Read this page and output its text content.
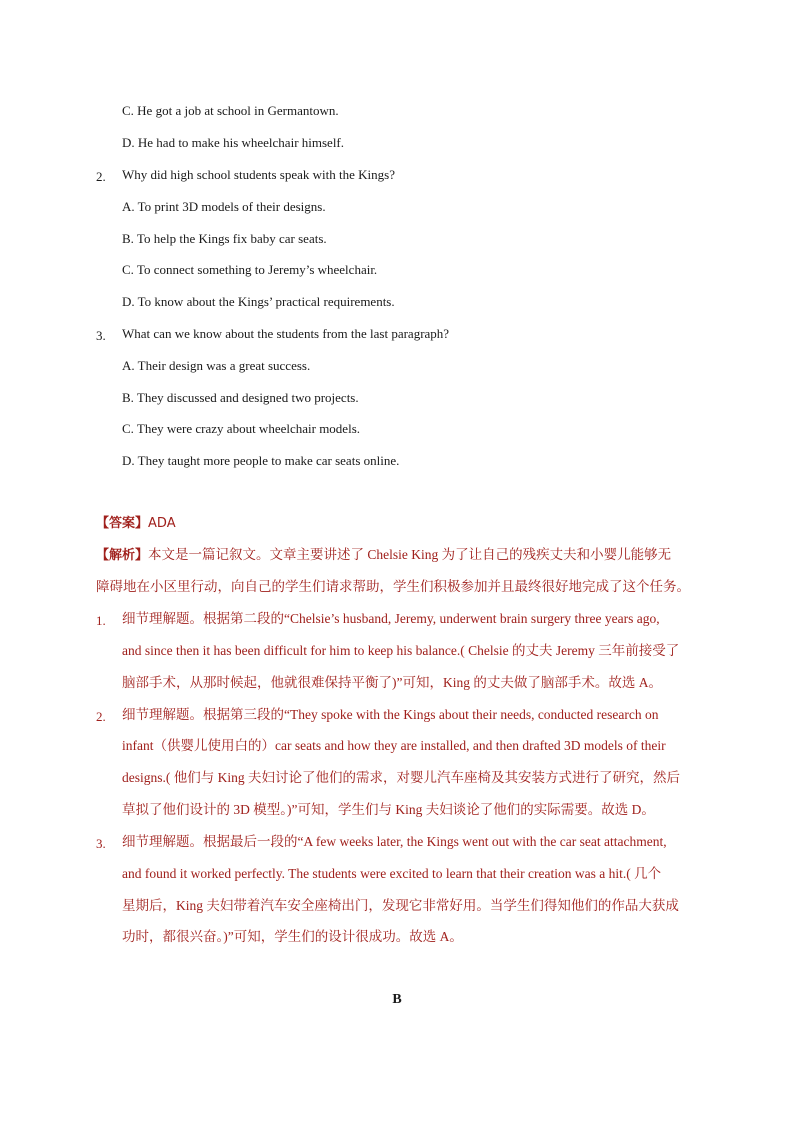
C. He got a job at school in Germantown.
D. He had to make his wheelchair himself.
2. Why did high school students speak with the Kings?
A. To print 3D models of their designs.
B. To help the Kings fix baby car seats.
C. To connect something to Jeremy’s wheelchair.
D. To know about the Kings’ practical requirements.
3. What can we know about the students from the last paragraph?
A. Their design was a great success.
B. They discussed and designed two projects.
C. They were crazy about wheelchair models.
D. They taught more people to make car seats online.
【答案】ADA
【解析】本文是一篇记叙文。文章主要讲述了 Chelsie King 为了让自己的残疾丈夫和小婴儿能够无
障碍地在小区里行动，向自己的学生们请求帮助，学生们积极参加并且最终很好地完成了这个任务。
1. 细节理解题。根据第二段的“Chelsie’s husband, Jeremy, underwent brain surgery three years ago,
and since then it has been difficult for him to keep his balance.( Chelsie 的丈夫 Jeremy 三年前接受了
脑部手术，从那时候起，他就很难保持平衡了)”可知，King 的丈夫做了脑部手术。故选 A。
2. 细节理解题。根据第三段的“They spoke with the Kings about their needs, conducted research on
infant（供婴儿使用白的）car seats and how they are installed, and then drafted 3D models of their
designs.( 他们与 King 夫妇讨论了他们的需求，对婴儿汽车座椅及其安装方式进行了研究，然后
草拟了他们设计的 3D 模型。)”可知，学生们与 King 夫妇谈论了他们的实际需要。故选 D。
3. 细节理解题。根据最后一段的“A few weeks later, the Kings went out with the car seat attachment,
and found it worked perfectly. The students were excited to learn that their creation was a hit.( 几个
星期后，King 夫妇带着汽车安全座椅出门，发现它非常好用。当学生们得知他们的作品大获成
功时，都很兴奋。)”可知，学生们的设计很成功。故选 A。
B
